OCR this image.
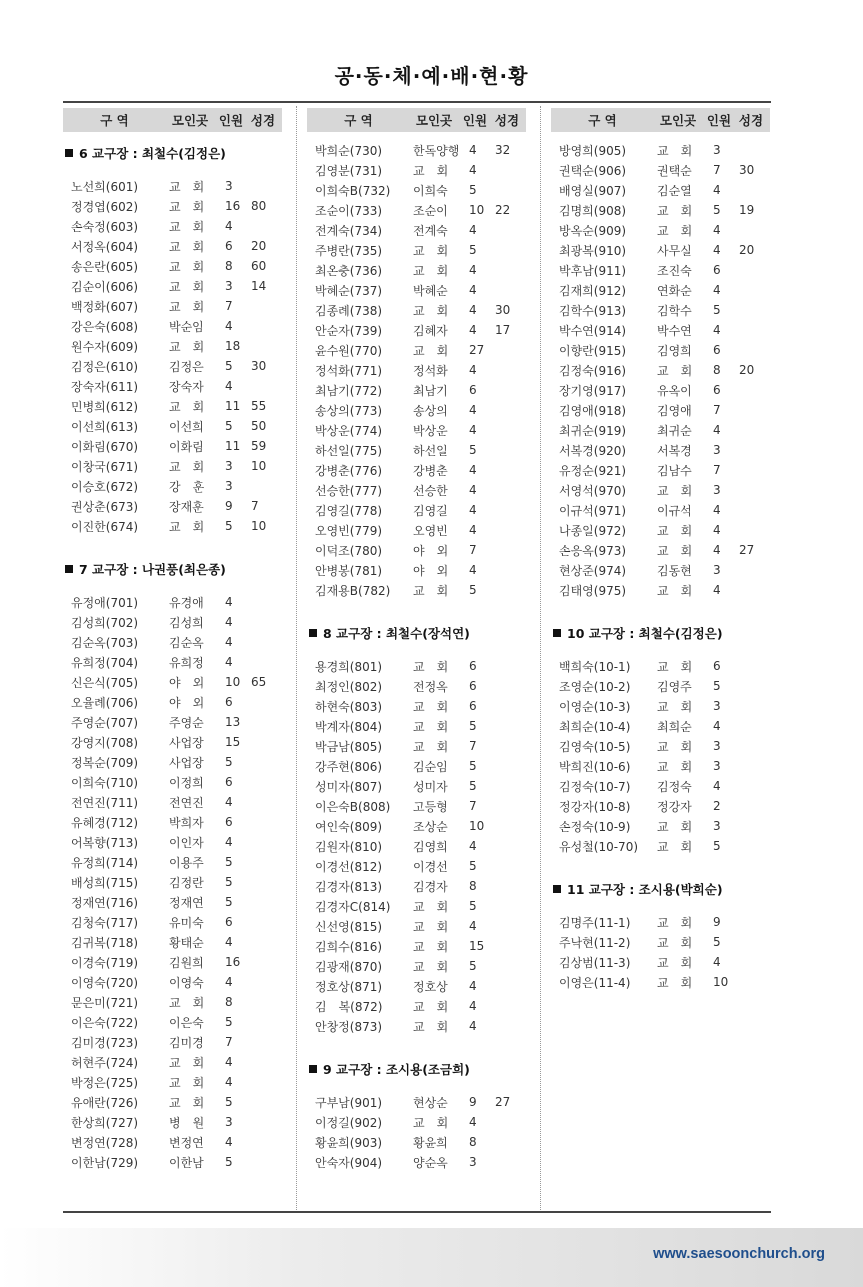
공·동·체·예·배·현·황
구 역	모인곳 인원 성경
6 교구장 : 최철수(김정은)
노선희(601)	교　회	3
정경엽(602)	교　회	16 80
손숙정(603)	교　회	4
서정옥(604)	교　회	6	20
송은란(605)	교　회	8	60
김순이(606)	교　회	3	14
백정화(607)	교　회	7
강은숙(608)	박순임	4
원수자(609)	교　회	18
김정은(610)	김정은	5	30
장숙자(611)	장숙자	4
민병희(612)	교　회	11 55
이선희(613)	이선희	5	50
이화림(670)	이화림	11 59
이창국(671)	교　회	3	10
이승호(672)	강　훈	3
권상춘(673)	장재훈	9	7
이진한(674)	교　회	5	10
7 교구장 : 나권풍(최은종)
유정애(701)	유경애	4
김성희(702)	김성희	4
김순옥(703)	김순옥	4
유희정(704)	유희정	4
신은식(705)	야　외	10 65
오율례(706)	야　외	6
주영순(707)	주영순	13
강영지(708)	사업장	15
정복순(709)	사업장	5
이희숙(710)	이정희	6
전연진(711)	전연진	4
유혜경(712)	박희자	6
어복향(713)	이인자	4
유정희(714)	이용주	5
배성희(715)	김정란	5
정재연(716)	정재연	5
김청숙(717)	유미숙	6
김귀복(718)	황태순	4
이경숙(719)	김원희	16
이영숙(720)	이영숙	4
문은미(721)	교　회	8
이은숙(722)	이은숙	5
김미경(723)	김미경	7
허현주(724)	교　회	4
박정은(725)	교　회	4
유애란(726)	교　회	5
한상희(727)	병　원	3
변정연(728)	변정연	4
이한남(729)	이한남	5
구 역	모인곳 인원 성경
박희순(730)	한독양행 4	32
김영분(731)	교　회	4
이희숙B(732)	이희숙	5
조순이(733)	조순이	10 22
전계숙(734)	전계숙	4
주병란(735)	교　회	5
최온충(736)	교　회	4
박혜순(737)	박혜순	4
김종례(738)	교　회	4	30
안순자(739)	김혜자	4	17
윤수원(770)	교　회	27
정석화(771)	정석화	4
최남기(772)	최남기	6
송상의(773)	송상의	4
박상운(774)	박상운	4
하선일(775)	하선일	5
강병춘(776)	강병춘	4
선승한(777)	선승한	4
김영길(778)	김영길	4
오영빈(779)	오영빈	4
이덕조(780)	야　외	7
안병봉(781)	야　외	4
김재용B(782)	교　회	5
8 교구장 : 최철수(장석연)
용경희(801)	교　회	6
최정인(802)	전정옥	6
하현숙(803)	교　회	6
박계자(804)	교　회	5
박금남(805)	교　회	7
강주현(806)	김순임	5
성미자(807)	성미자	5
이은숙B(808)	고등형	7
여인숙(809)	조상순	10
김원자(810)	김영희	4
이경선(812)	이경선	5
김경자(813)	김경자	8
김경자C(814)	교　회	5
신선영(815)	교　회	4
김희수(816)	교　회	15
김광재(870)	교　회	5
정호상(871)	정호상	4
김　복(872)	교　회	4
안창정(873)	교　회	4
9 교구장 : 조시용(조금희)
구부남(901)	현상순	9	27
이정길(902)	교　회	4
황윤희(903)	황윤희	8
안숙자(904)	양순옥	3
구 역	모인곳 인원 성경
방영희(905)	교　회	3
권택순(906)	권택순	7	30
배영실(907)	김순열	4
김명희(908)	교　회	5	19
방옥순(909)	교　회	4
최광복(910)	사무실	4	20
박후남(911)	조진숙	6
김재희(912)	연화순	4
김학수(913)	김학수	5
박수연(914)	박수연	4
이향란(915)	김영희	6
김정숙(916)	교　회	8	20
장기영(917)	유옥이	6
김영애(918)	김영애	7
최귀순(919)	최귀순	4
서복경(920)	서복경	3
유정순(921)	김남수	7
서영석(970)	교　회	3
이규석(971)	이규석	4
나종일(972)	교　회	4
손응옥(973)	교　회	4	27
현상준(974)	김동현	3
김태영(975)	교　회	4
10 교구장 : 최철수(김정은)
백희숙(10-1)	교　회	6
조영순(10-2)	김영주	5
이영순(10-3)	교　회	3
최희순(10-4)	최희순	4
김영숙(10-5)	교　회	3
박희진(10-6)	교　회	3
김정숙(10-7)	김정숙	4
정강자(10-8)	정강자	2
손정숙(10-9)	교　회	3
유성철(10-70)	교　회	5
11 교구장 : 조시용(박희순)
김명주(11-1)	교　회	9
주낙현(11-2)	교　회	5
김상범(11-3)	교　회	4
이영은(11-4)	교　회	10
www.saesoonchurch.org
